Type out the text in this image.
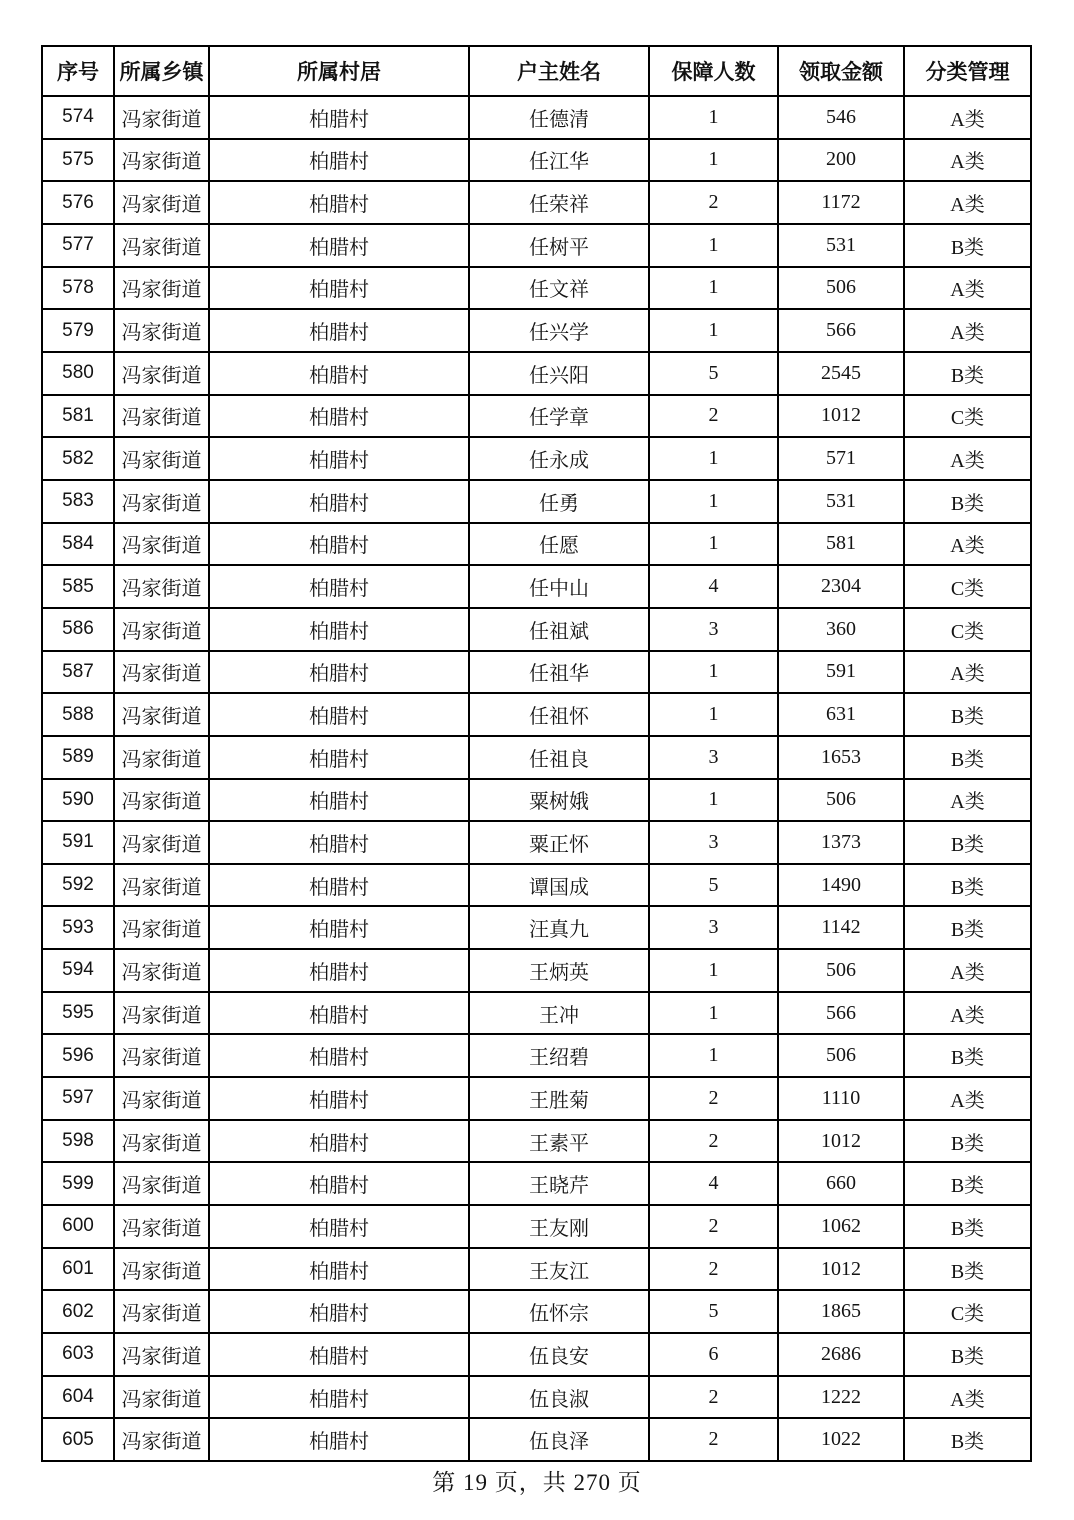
序号	所属乡镇	所属村居	户主姓名	保障人数	领取金额	分类管理
574	冯家街道	柏腊村	任德清	1	546	A类
575	冯家街道	柏腊村	任江华	1	200	A类
576	冯家街道	柏腊村	任荣祥	2	1172	A类
577	冯家街道	柏腊村	任树平	1	531	B类
578	冯家街道	柏腊村	任文祥	1	506	A类
579	冯家街道	柏腊村	任兴学	1	566	A类
580	冯家街道	柏腊村	任兴阳	5	2545	B类
581	冯家街道	柏腊村	任学章	2	1012	C类
582	冯家街道	柏腊村	任永成	1	571	A类
583	冯家街道	柏腊村	任勇	1	531	B类
584	冯家街道	柏腊村	任愿	1	581	A类
585	冯家街道	柏腊村	任中山	4	2304	C类
586	冯家街道	柏腊村	任祖斌	3	360	C类
587	冯家街道	柏腊村	任祖华	1	591	A类
588	冯家街道	柏腊村	任祖怀	1	631	B类
589	冯家街道	柏腊村	任祖良	3	1653	B类
590	冯家街道	柏腊村	粟树娥	1	506	A类
591	冯家街道	柏腊村	粟正怀	3	1373	B类
592	冯家街道	柏腊村	谭国成	5	1490	B类
593	冯家街道	柏腊村	汪真九	3	1142	B类
594	冯家街道	柏腊村	王炳英	1	506	A类
595	冯家街道	柏腊村	王冲	1	566	A类
596	冯家街道	柏腊村	王绍碧	1	506	B类
597	冯家街道	柏腊村	王胜菊	2	1110	A类
598	冯家街道	柏腊村	王素平	2	1012	B类
599	冯家街道	柏腊村	王晓芹	4	660	B类
600	冯家街道	柏腊村	王友刚	2	1062	B类
601	冯家街道	柏腊村	王友江	2	1012	B类
602	冯家街道	柏腊村	伍怀宗	5	1865	C类
603	冯家街道	柏腊村	伍良安	6	2686	B类
604	冯家街道	柏腊村	伍良淑	2	1222	A类
605	冯家街道	柏腊村	伍良泽	2	1022	B类
第 19 页，共 270 页
